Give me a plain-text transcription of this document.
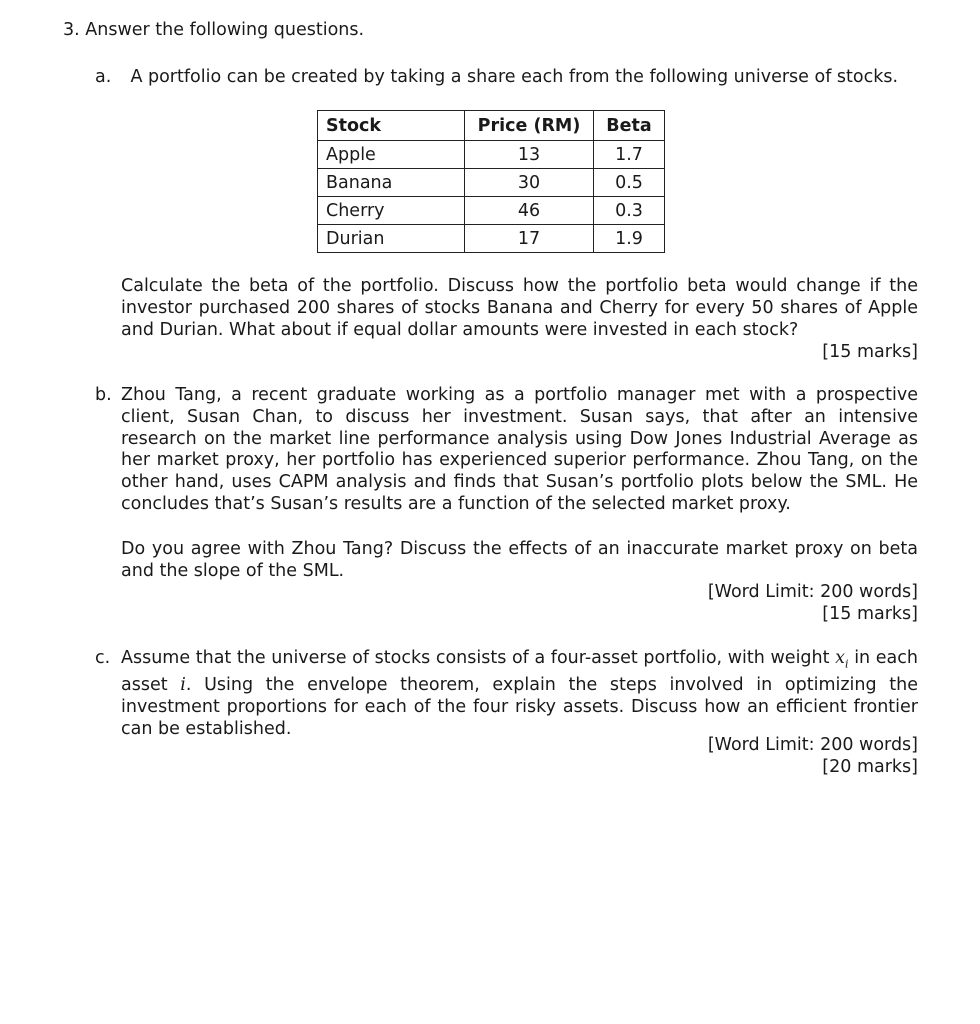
3. Answer the following questions.
a. A portfolio can be created by taking a share each from the following universe of stocks.
Stock	Price (RM)	Beta
Apple	13	1.7
Banana	30	0.5
Cherry	46	0.3
Durian	17	1.9
Calculate the beta of the portfolio. Discuss how the portfolio beta would change if the investor purchased 200 shares of stocks Banana and Cherry for every 50 shares of Apple and Durian. What about if equal dollar amounts were invested in each stock?
[15 marks]
b. Zhou Tang, a recent graduate working as a portfolio manager met with a prospective client, Susan Chan, to discuss her investment. Susan says, that after an intensive research on the market line performance analysis using Dow Jones Industrial Average as her market proxy, her portfolio has experienced superior performance. Zhou Tang, on the other hand, uses CAPM analysis and finds that Susan’s portfolio plots below the SML. He concludes that’s Susan’s results are a function of the selected market proxy.
Do you agree with Zhou Tang? Discuss the effects of an inaccurate market proxy on beta and the slope of the SML.
[Word Limit: 200 words]
[15 marks]
c. Assume that the universe of stocks consists of a four-asset portfolio, with weight $x_i$ in each asset i. Using the envelope theorem, explain the steps involved in optimizing the investment proportions for each of the four risky assets. Discuss how an efficient frontier can be established.
[Word Limit: 200 words]
[20 marks]
